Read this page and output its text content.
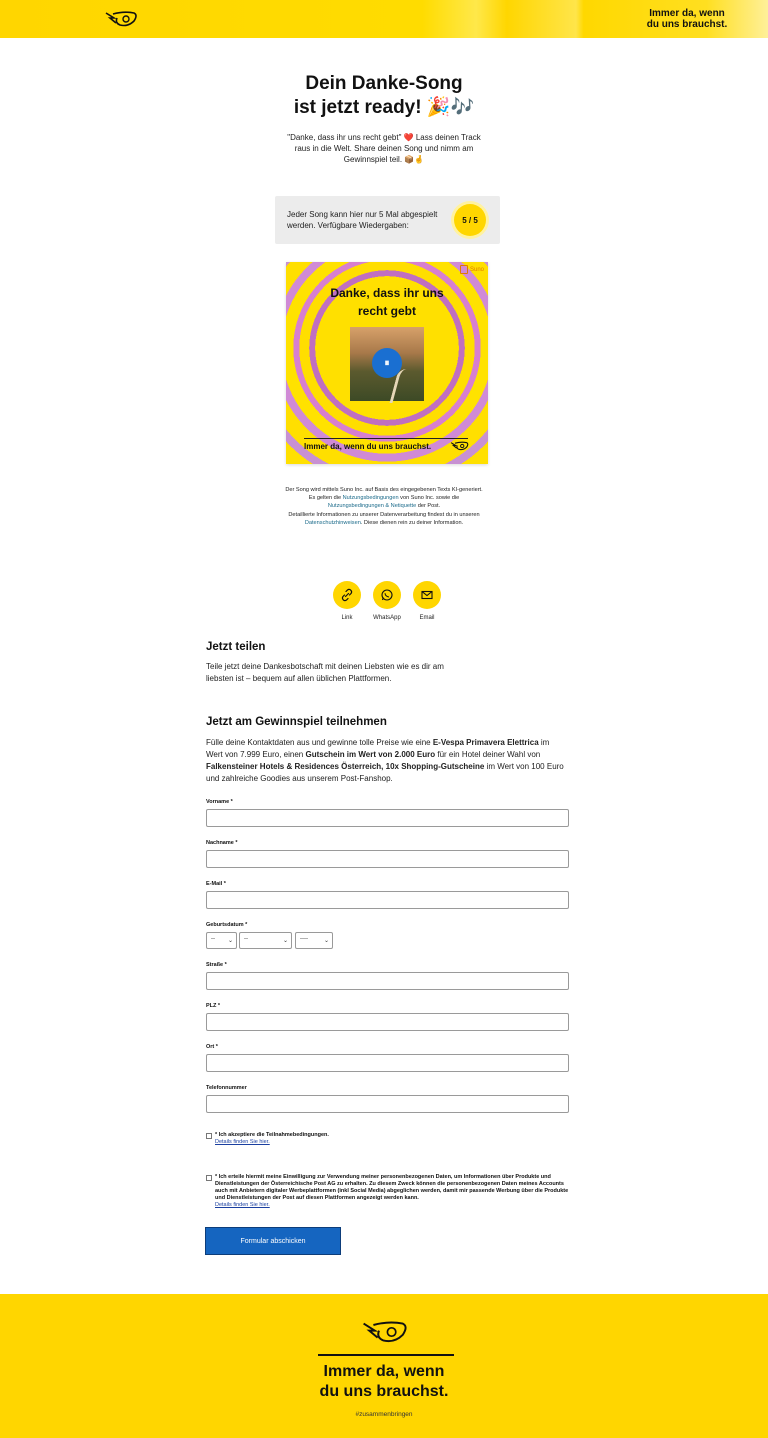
Immer da, wenn
du uns brauchst.
Dein Danke-Song
ist jetzt ready! 🎉🎶

"Danke, dass ihr uns recht gebt" ❤️ Lass deinen Track raus in die Welt. Share deinen Song und nimm am Gewinnspiel teil. 📦🤞

Jeder Song kann hier nur 5 Mal abgespielt werden. Verfügbare Wiedergaben:
5 / 5
Suno
Danke, dass ihr uns
recht gebt
⏸
Immer da, wenn du uns brauchst.
Der Song wird mittels Suno Inc. auf Basis des eingegebenen Texts KI-generiert.
Es gelten die Nutzungsbedingungen von Suno Inc. sowie die Nutzungsbedingungen & Netiquette der Post.
Detaillierte Informationen zu unserer Datenverarbeitung findest du in unseren Datenschutzhinweisen. Diese dienen rein zu deiner Information.
Link	WhatsApp	Email
Jetzt teilen

Teile jetzt deine Dankesbotschaft mit deinen Liebsten wie es dir am liebsten ist – bequem auf allen üblichen Plattformen.

Jetzt am Gewinnspiel teilnehmen

Fülle deine Kontaktdaten aus und gewinne tolle Preise wie eine E-Vespa Primavera Elettrica im Wert von 7.999 Euro, einen Gutschein im Wert von 2.000 Euro für ein Hotel deiner Wahl von Falkensteiner Hotels & Residences Österreich, 10x Shopping-Gutscheine im Wert von 100 Euro und zahlreiche Goodies aus unserem Post-Fanshop.

Vorname *
Nachname *
E-Mail *
Geburtsdatum *
-- ⌄	--	⌄	----	⌄
Straße *
PLZ *
Ort *
Telefonnummer
* Ich akzeptiere die Teilnahmebedingungen.
Details finden Sie hier.
* Ich erteile hiermit meine Einwilligung zur Verwendung meiner personenbezogenen Daten, um Informationen über Produkte und Dienstleistungen der Österreichische Post AG zu erhalten. Zu diesem Zweck können die personenbezogenen Daten meines Accounts auch mit Anbietern digitaler Werbeplattformen (inkl Social Media) abgeglichen werden, damit mir passende Werbung über die Produkte und Dienstleistungen der Post auf diesen Plattformen angezeigt werden kann.
Details finden Sie hier.
Formular abschicken
Immer da, wenn
du uns brauchst.
#zusammenbringen
